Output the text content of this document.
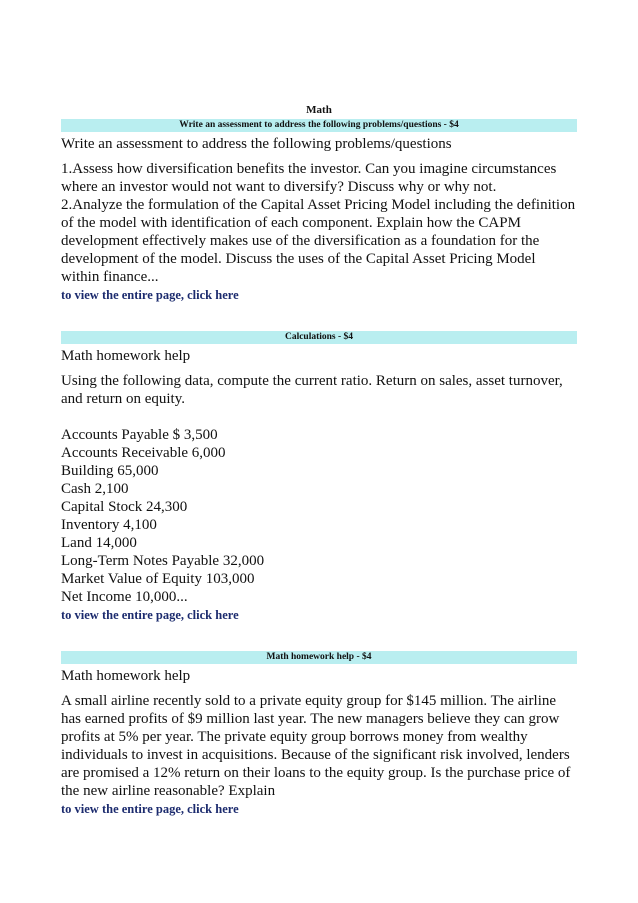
Math
Write an assessment to address the following problems/questions - $4
Write an assessment to address the following problems/questions

1.Assess how diversification benefits the investor. Can you imagine circumstances

where an investor would not want to diversify? Discuss why or why not.

2.Analyze the formulation of the Capital Asset Pricing Model including the definition

of the model with identification of each component. Explain how the CAPM

development effectively makes use of the diversification as a foundation for the

development of the model. Discuss the uses of the Capital Asset Pricing Model

within finance...

to view the entire page, click here
Calculations - $4
Math homework help

Using the following data, compute the current ratio. Return on sales, asset turnover,

and return on equity.

Accounts Payable $ 3,500

Accounts Receivable 6,000

Building 65,000

Cash 2,100

Capital Stock 24,300

Inventory 4,100

Land 14,000

Long-Term Notes Payable 32,000

Market Value of Equity 103,000

Net Income 10,000...

to view the entire page, click here
Math homework help - $4
Math homework help

A small airline recently sold to a private equity group for $145 million. The airline

has earned profits of $9 million last year. The new managers believe they can grow

profits at 5% per year. The private equity group borrows money from wealthy

individuals to invest in acquisitions. Because of the significant risk involved, lenders

are promised a 12% return on their loans to the equity group. Is the purchase price of

the new airline reasonable? Explain

to view the entire page, click here
